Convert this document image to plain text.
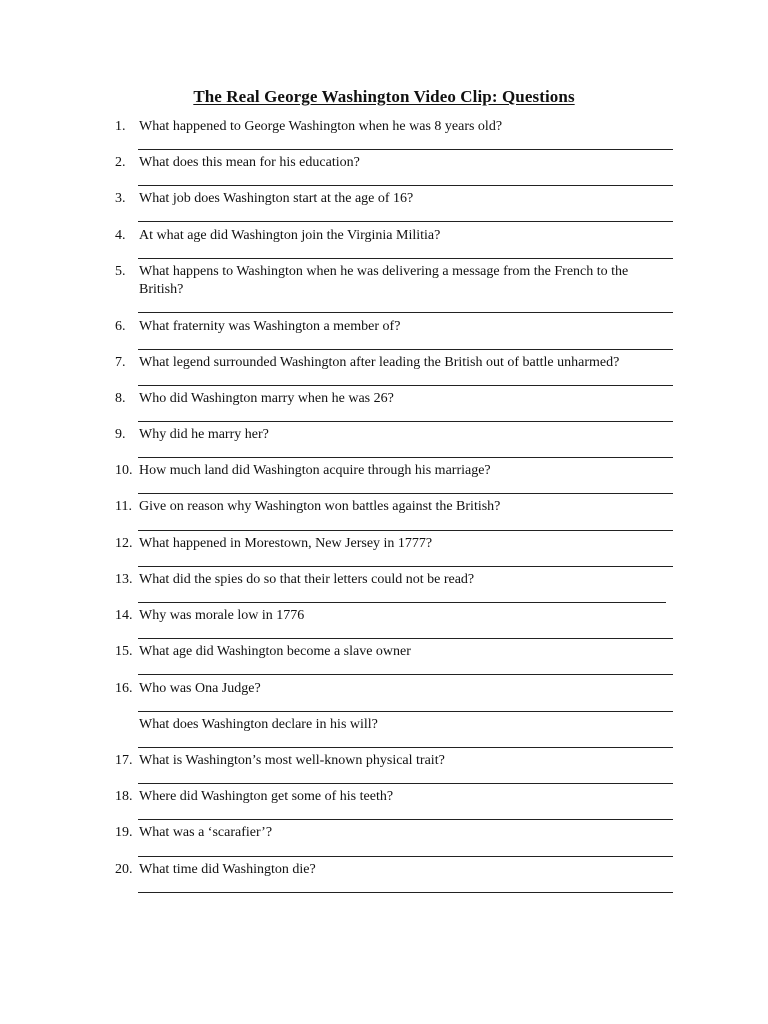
The Real George Washington Video Clip: Questions
1. What happened to George Washington when he was 8 years old?
2. What does this mean for his education?
3. What job does Washington start at the age of 16?
4. At what age did Washington join the Virginia Militia?
5. What happens to Washington when he was delivering a message from the French to the British?
6. What fraternity was Washington a member of?
7. What legend surrounded Washington after leading the British out of battle unharmed?
8. Who did Washington marry when he was 26?
9. Why did he marry her?
10. How much land did Washington acquire through his marriage?
11. Give on reason why Washington won battles against the British?
12. What happened in Morestown, New Jersey in 1777?
13. What did the spies do so that their letters could not be read?
14. Why was morale low in 1776
15. What age did Washington become a slave owner
16. Who was Ona Judge?
What does Washington declare in his will?
17. What is Washington’s most well-known physical trait?
18. Where did Washington get some of his teeth?
19. What was a ‘scarafier’?
20. What time did Washington die?
